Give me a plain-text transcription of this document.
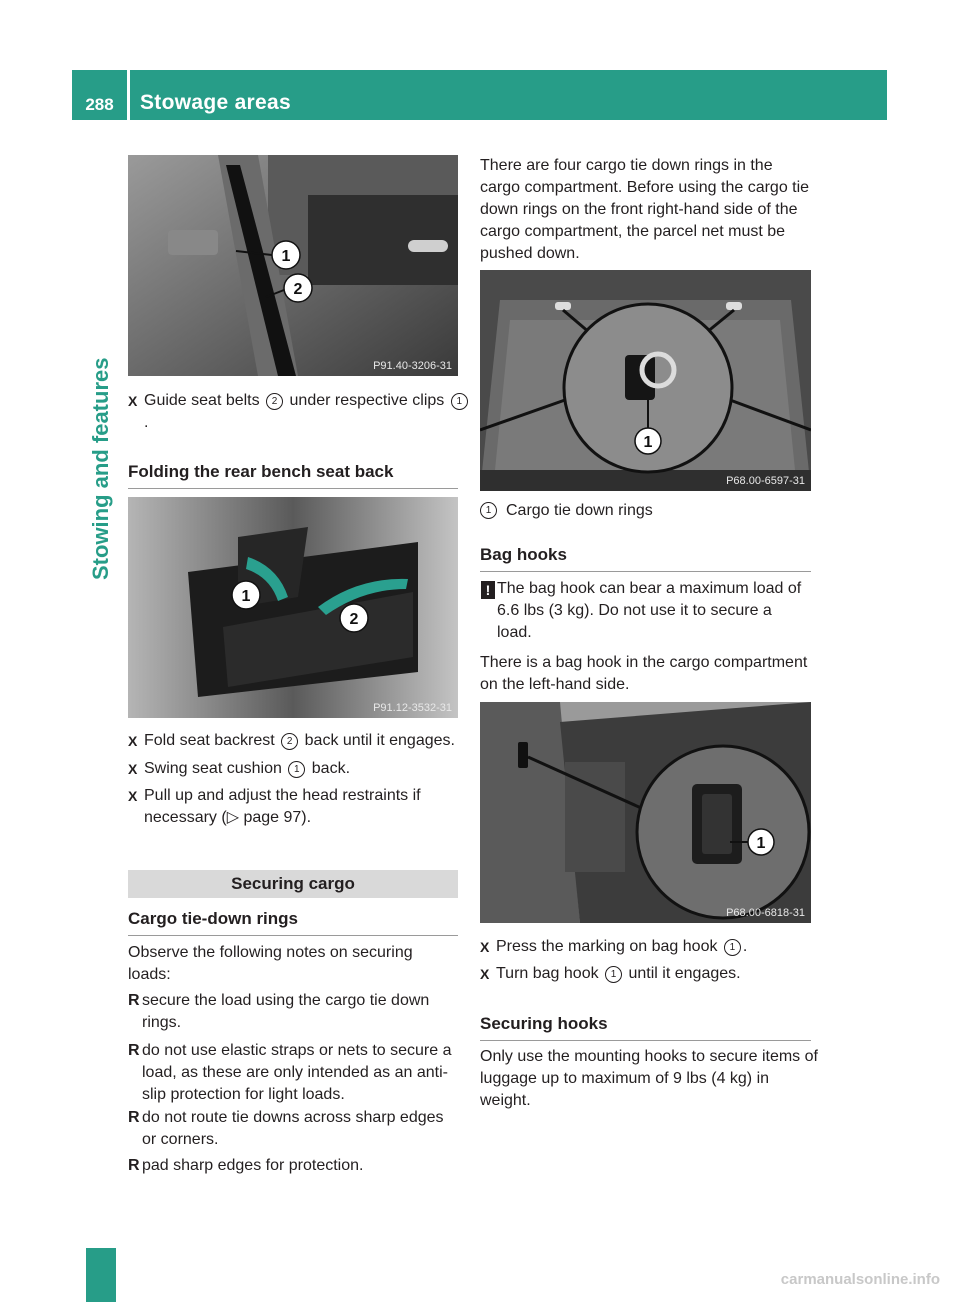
288	Stowage areas
Stowing and features
1
2
P91.40-3206-31
X Guide seat belts 2 under respective clips 1.
Folding the rear bench seat back
1
2
P91.12-3532-31
X Fold seat backrest 2 back until it engages.
X Swing seat cushion 1 back.
X Pull up and adjust the head restraints if necessary (▷ page 97).
Securing cargo
Cargo tie-down rings
Observe the following notes on securing loads:
R secure the load using the cargo tie down rings.
R do not use elastic straps or nets to secure a load, as these are only intended as an anti-slip protection for light loads.
R do not route tie downs across sharp edges or corners.
R pad sharp edges for protection.
There are four cargo tie down rings in the cargo compartment. Before using the cargo tie down rings on the front right-hand side of the cargo compartment, the parcel net must be pushed down.
1
P68.00-6597-31
1 Cargo tie down rings
Bag hooks
! The bag hook can bear a maximum load of 6.6 lbs (3 kg). Do not use it to secure a load.
There is a bag hook in the cargo compartment on the left-hand side.
1
P68.00-6818-31
X Press the marking on bag hook 1 .
X Turn bag hook 1 until it engages.
Securing hooks
Only use the mounting hooks to secure items of luggage up to maximum of 9 lbs (4 kg) in weight.
carmanualsonline.info
